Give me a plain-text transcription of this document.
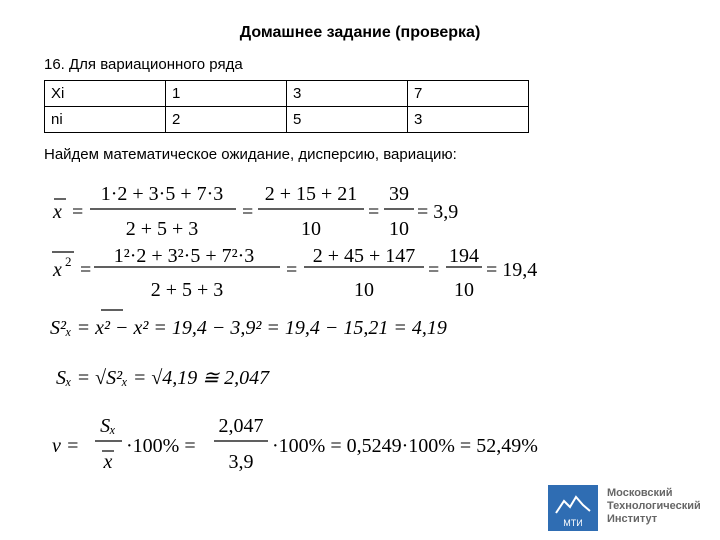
Домашнее задание (проверка)
16. Для вариационного ряда
Xi	1	3	7
ni	2	5	3
Найдем математическое ожидание, дисперсию, вариацию:
x =
1·2 + 3·5 + 7·3
2 + 5 + 3
=
2 + 15 + 21
10
=
39
10
= 3,9
x 2 =
1²·2 + 3²·5 + 7²·3
2 + 5 + 3
=
2 + 45 + 147
10
=
194
10
= 19,4
S²ₓ = x² − x² = 19,4 − 3,9² = 19,4 − 15,21 = 4,19
Sₓ = √S²ₓ = √4,19 ≅ 2,047
ν =
Sₓ
x
·100% =
2,047
3,9
·100% = 0,5249·100% = 52,49%
МТИ
Московский
Технологический
Институт
